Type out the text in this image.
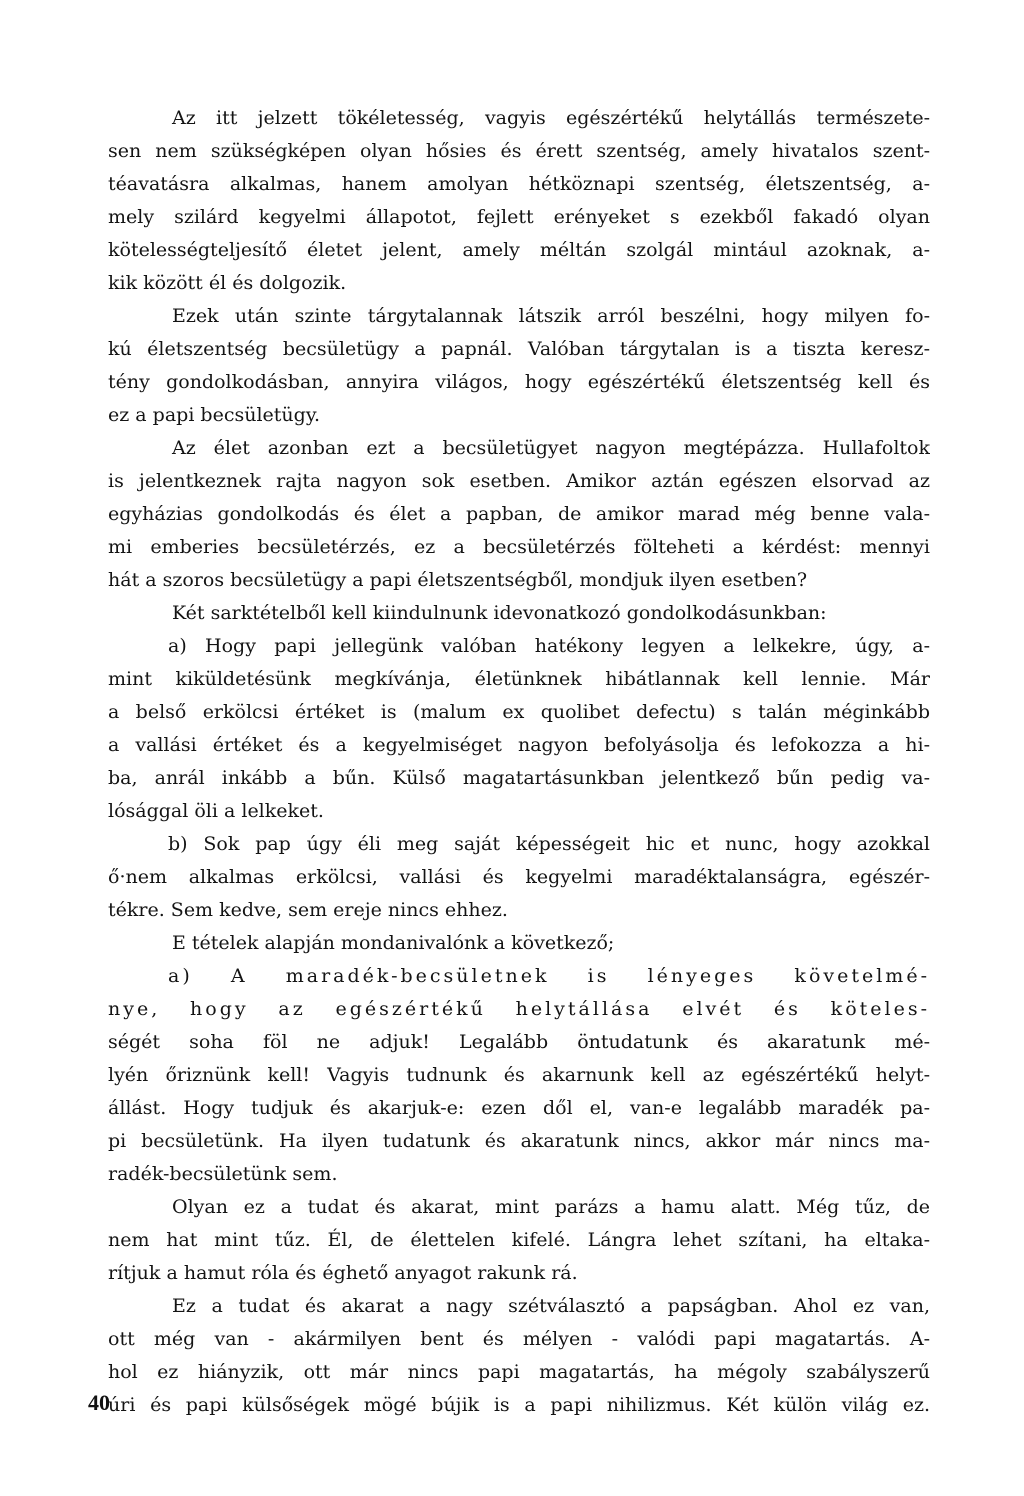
Az itt jelzett tökéletesség, vagyis egészértékű helytállás természete-
sen nem szükségképen olyan hősies és érett szentség, amely hivatalos szent-
téavatásra alkalmas, hanem amolyan hétköznapi szentség, életszentség, a-
mely szilárd kegyelmi állapotot, fejlett erényeket s ezekből fakadó olyan
kötelességteljesítő életet jelent, amely méltán szolgál mintául azoknak, a-
kik között él és dolgozik.
Ezek után szinte tárgytalannak látszik arról beszélni, hogy milyen fo-
kú életszentség becsületügy a papnál. Valóban tárgytalan is a tiszta keresz-
tény gondolkodásban, annyira világos, hogy egészértékű életszentség kell és
ez a papi becsületügy.
Az élet azonban ezt a becsületügyet nagyon megtépázza. Hullafoltok
is jelentkeznek rajta nagyon sok esetben. Amikor aztán egészen elsorvad az
egyházias gondolkodás és élet a papban, de amikor marad még benne vala-
mi emberies becsületérzés, ez a becsületérzés fölteheti a kérdést: mennyi
hát a szoros becsületügy a papi életszentségből, mondjuk ilyen esetben?
Két sarktételből kell kiindulnunk idevonatkozó gondolkodásunkban:
a) Hogy papi jellegünk valóban hatékony legyen a lelkekre, úgy, a-
mint kiküldetésünk megkívánja, életünknek hibátlannak kell lennie. Már
a belső erkölcsi értéket is (malum ex quolibet defectu) s talán méginkább
a vallási értéket és a kegyelmiséget nagyon befolyásolja és lefokozza a hi-
ba, anrál inkább a bűn. Külső magatartásunkban jelentkező bűn pedig va-
lósággal öli a lelkeket.
b) Sok pap úgy éli meg saját képességeit hic et nunc, hogy azokkal
ő·nem alkalmas erkölcsi, vallási és kegyelmi maradéktalanságra, egészér-
tékre. Sem kedve, sem ereje nincs ehhez.
E tételek alapján mondanivalónk a következő;
a) A maradék-becsületnek is lényeges követelmé-
nye, hogy az egészértékű helytállása elvét és köteles-
ségét soha föl ne adjuk! Legalább öntudatunk és akaratunk mé-
lyén őriznünk kell! Vagyis tudnunk és akarnunk kell az egészértékű helyt-
állást. Hogy tudjuk és akarjuk-e: ezen dől el, van-e legalább maradék pa-
pi becsületünk. Ha ilyen tudatunk és akaratunk nincs, akkor már nincs ma-
radék-becsületünk sem.
Olyan ez a tudat és akarat, mint parázs a hamu alatt. Még tűz, de
nem hat mint tűz. Él, de élettelen kifelé. Lángra lehet szítani, ha eltaka-
rítjuk a hamut róla és éghető anyagot rakunk rá.
Ez a tudat és akarat a nagy szétválasztó a papságban. Ahol ez van,
ott még van - akármilyen bent és mélyen - valódi papi magatartás. A-
hol ez hiányzik, ott már nincs papi magatartás, ha mégoly szabályszerű
úri és papi külsőségek mögé bújik is a papi nihilizmus. Két külön világ ez.
40
